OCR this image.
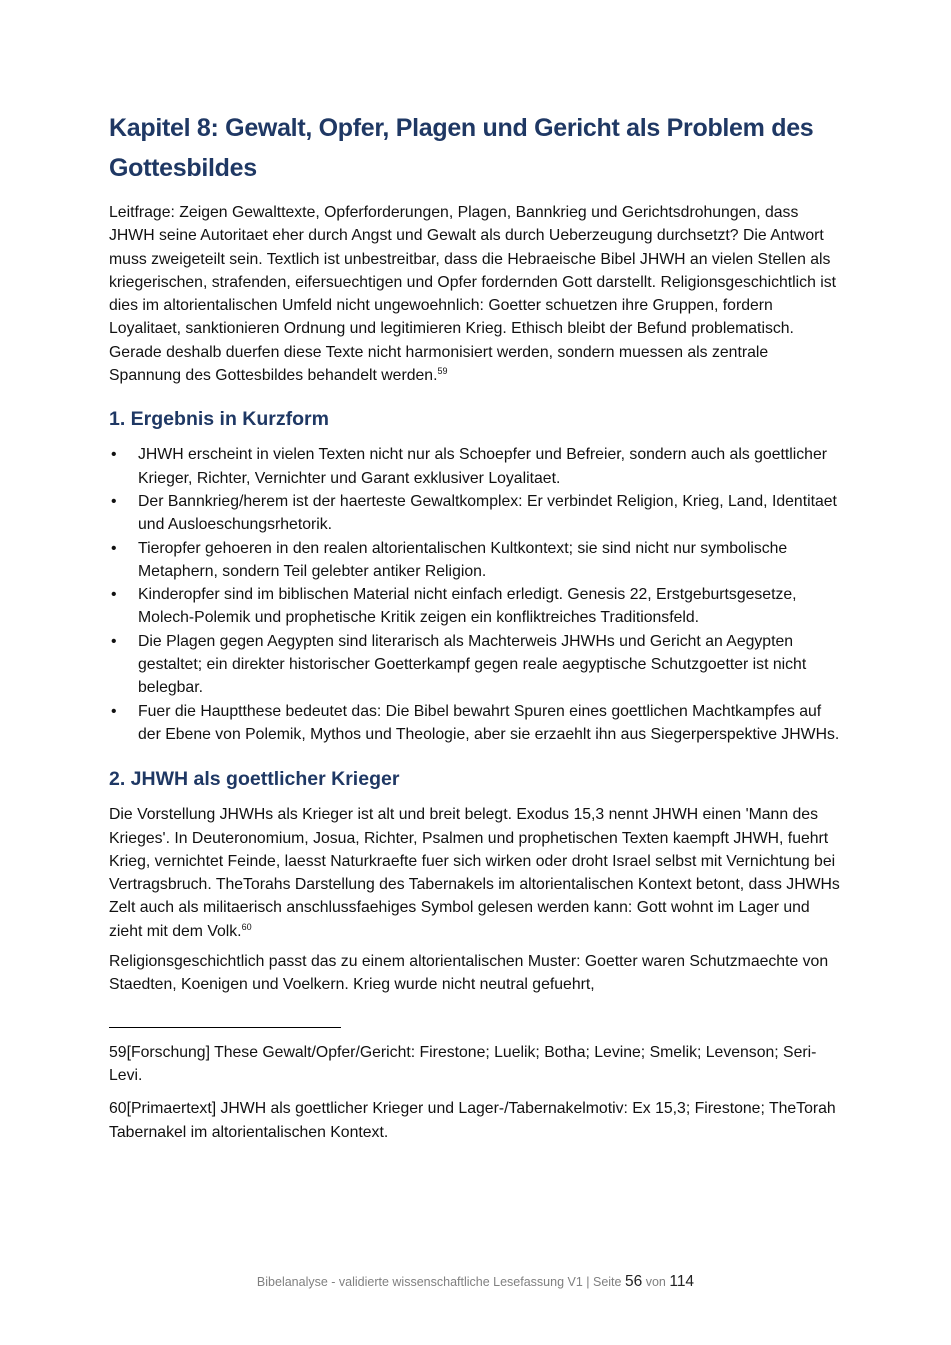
Kapitel 8: Gewalt, Opfer, Plagen und Gericht als Problem des Gottesbildes

Leitfrage: Zeigen Gewalttexte, Opferforderungen, Plagen, Bannkrieg und Gerichtsdrohungen, dass JHWH seine Autoritaet eher durch Angst und Gewalt als durch Ueberzeugung durchsetzt? Die Antwort muss zweigeteilt sein. Textlich ist unbestreitbar, dass die Hebraeische Bibel JHWH an vielen Stellen als kriegerischen, strafenden, eifersuechtigen und Opfer fordernden Gott darstellt. Religionsgeschichtlich ist dies im altorientalischen Umfeld nicht ungewoehnlich: Goetter schuetzen ihre Gruppen, fordern Loyalitaet, sanktionieren Ordnung und legitimieren Krieg. Ethisch bleibt der Befund problematisch. Gerade deshalb duerfen diese Texte nicht harmonisiert werden, sondern muessen als zentrale Spannung des Gottesbildes behandelt werden.$^{59}$

1. Ergebnis in Kurzform
• JHWH erscheint in vielen Texten nicht nur als Schoepfer und Befreier, sondern auch als goettlicher Krieger, Richter, Vernichter und Garant exklusiver Loyalitaet.
• Der Bannkrieg/herem ist der haerteste Gewaltkomplex: Er verbindet Religion, Krieg, Land, Identitaet und Ausloeschungsrhetorik.
• Tieropfer gehoeren in den realen altorientalischen Kultkontext; sie sind nicht nur symbolische Metaphern, sondern Teil gelebter antiker Religion.
• Kinderopfer sind im biblischen Material nicht einfach erledigt. Genesis 22, Erstgeburtsgesetze, Molech-Polemik und prophetische Kritik zeigen ein konfliktreiches Traditionsfeld.
• Die Plagen gegen Aegypten sind literarisch als Machterweis JHWHs und Gericht an Aegypten gestaltet; ein direkter historischer Goetterkampf gegen reale aegyptische Schutzgoetter ist nicht belegbar.
• Fuer die Hauptthese bedeutet das: Die Bibel bewahrt Spuren eines goettlichen Machtkampfes auf der Ebene von Polemik, Mythos und Theologie, aber sie erzaehlt ihn aus Siegerperspektive JHWHs.
2. JHWH als goettlicher Krieger

Die Vorstellung JHWHs als Krieger ist alt und breit belegt. Exodus 15,3 nennt JHWH einen 'Mann des Krieges'. In Deuteronomium, Josua, Richter, Psalmen und prophetischen Texten kaempft JHWH, fuehrt Krieg, vernichtet Feinde, laesst Naturkraefte fuer sich wirken oder droht Israel selbst mit Vernichtung bei Vertragsbruch. TheTorahs Darstellung des Tabernakels im altorientalischen Kontext betont, dass JHWHs Zelt auch als militaerisch anschlussfaehiges Symbol gelesen werden kann: Gott wohnt im Lager und zieht mit dem Volk.$^{60}$

Religionsgeschichtlich passt das zu einem altorientalischen Muster: Goetter waren Schutzmaechte von Staedten, Koenigen und Voelkern. Krieg wurde nicht neutral gefuehrt,

59[Forschung] These Gewalt/Opfer/Gericht: Firestone; Luelik; Botha; Levine; Smelik; Levenson; Seri-Levi.

60[Primaertext] JHWH als goettlicher Krieger und Lager-/Tabernakelmotiv: Ex 15,3; Firestone; TheTorah Tabernakel im altorientalischen Kontext.

Bibelanalyse - validierte wissenschaftliche Lesefassung V1 | Seite 56 von 114
